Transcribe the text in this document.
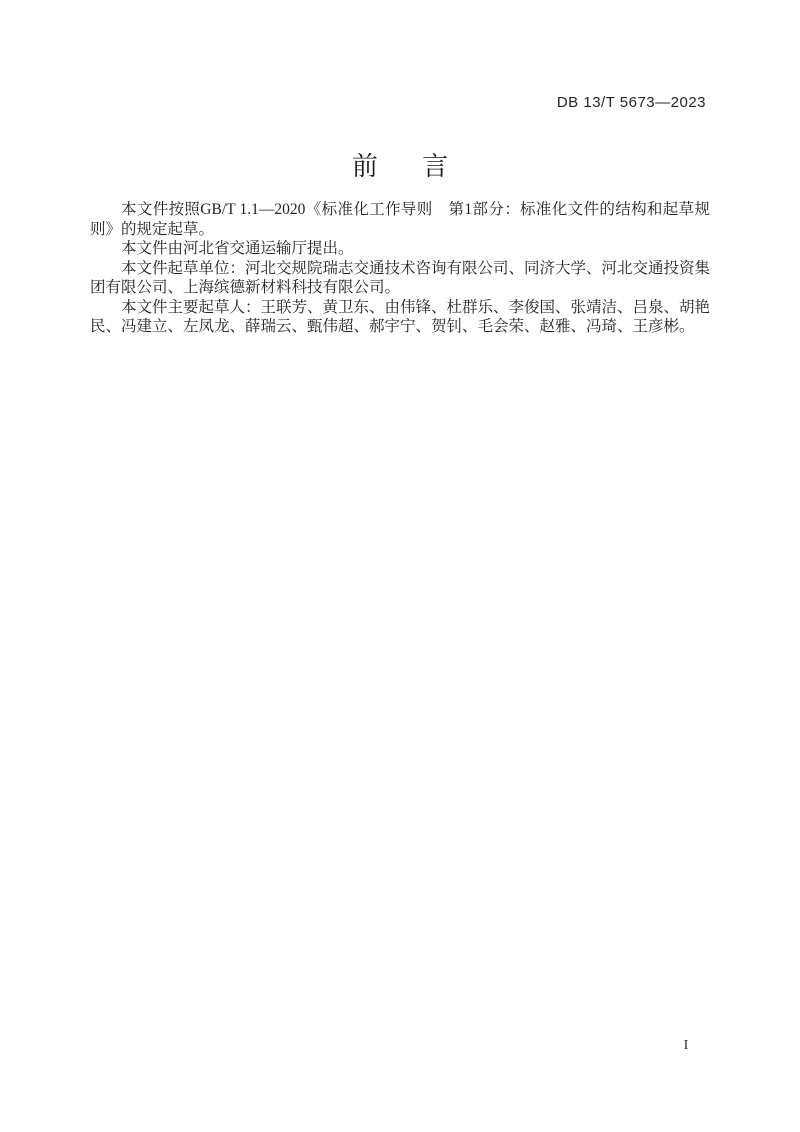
DB 13/T 5673—2023
前言

本文件按照GB/T 1.1—2020《标准化工作导则　第1部分：标准化文件的结构和起草规则》的规定起草。

本文件由河北省交通运输厅提出。

本文件起草单位：河北交规院瑞志交通技术咨询有限公司、同济大学、河北交通投资集团有限公司、上海缤德新材料科技有限公司。

本文件主要起草人：王联芳、黄卫东、由伟锋、杜群乐、李俊国、张靖洁、吕泉、胡艳民、冯建立、左凤龙、薛瑞云、甄伟超、郝宇宁、贺钊、毛会荣、赵雅、冯琦、王彦彬。

I
